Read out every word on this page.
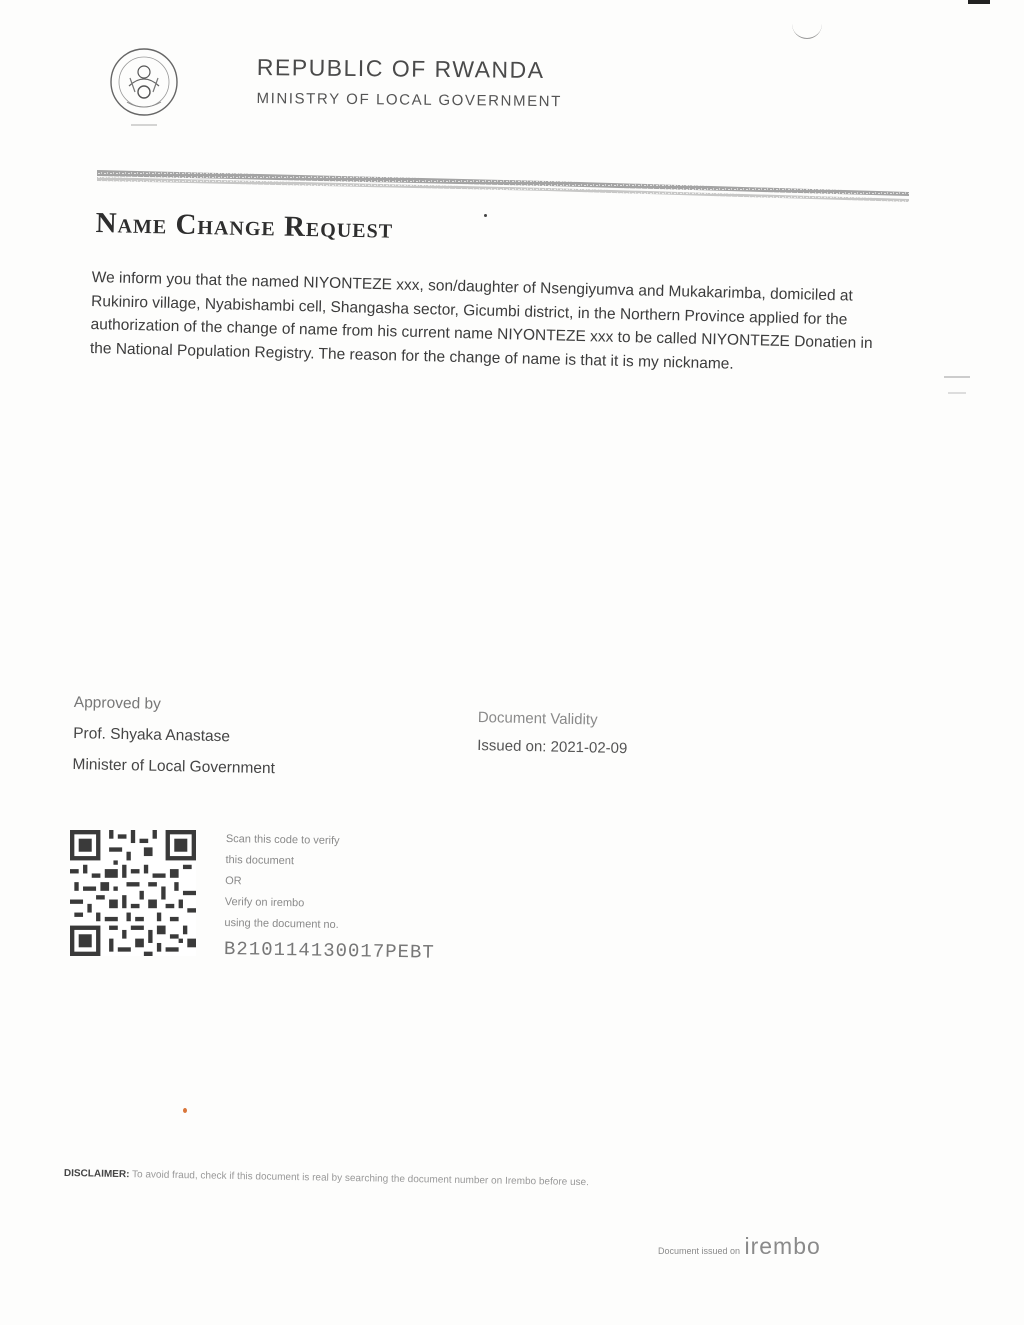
REPUBLIC OF RWANDA
MINISTRY OF LOCAL GOVERNMENT
Name Change Request

We inform you that the named NIYONTEZE xxx, son/daughter of Nsengiyumva and Mukakarimba, domiciled at Rukiniro village, Nyabishambi cell, Shangasha sector, Gicumbi district, in the Northern Province applied for the authorization of the change of name from his current name NIYONTEZE xxx to be called NIYONTEZE Donatien in the National Population Registry. The reason for the change of name is that it is my nickname.

Approved by
Prof. Shyaka Anastase
Minister of Local Government
Document Validity
Issued on: 2021-02-09
Scan this code to verify
this document
OR
Verify on irembo
using the document no.
B210114130017PEBT
DISCLAIMER: To avoid fraud, check if this document is real by searching the document number on Irembo before use.
Document issued on irembo
